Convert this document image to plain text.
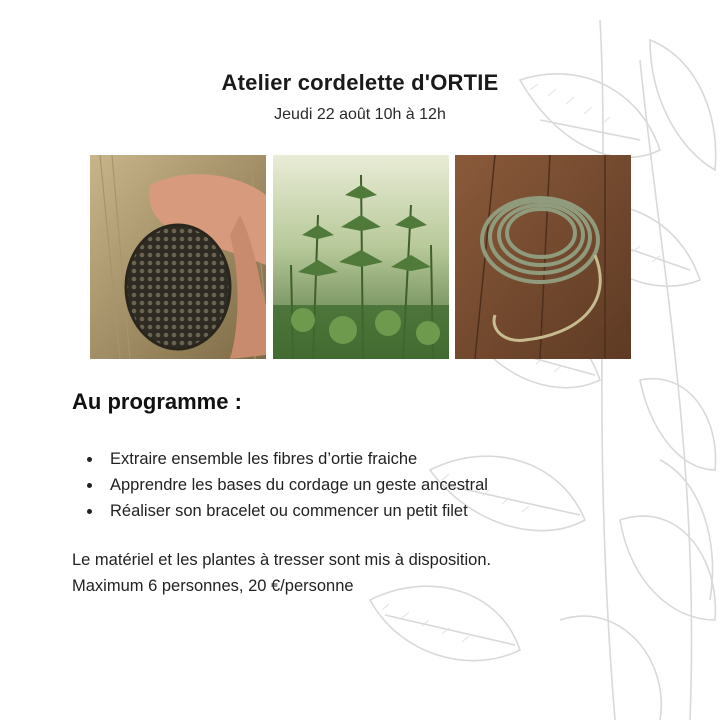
Atelier cordelette d'ORTIE
Jeudi 22 août 10h à 12h
Au programme :
Extraire ensemble les fibres d’ortie fraiche
Apprendre les bases du cordage un geste ancestral
Réaliser son bracelet ou commencer un petit filet
Le matériel et les plantes à tresser sont mis à disposition.
Maximum 6 personnes, 20 €/personne
